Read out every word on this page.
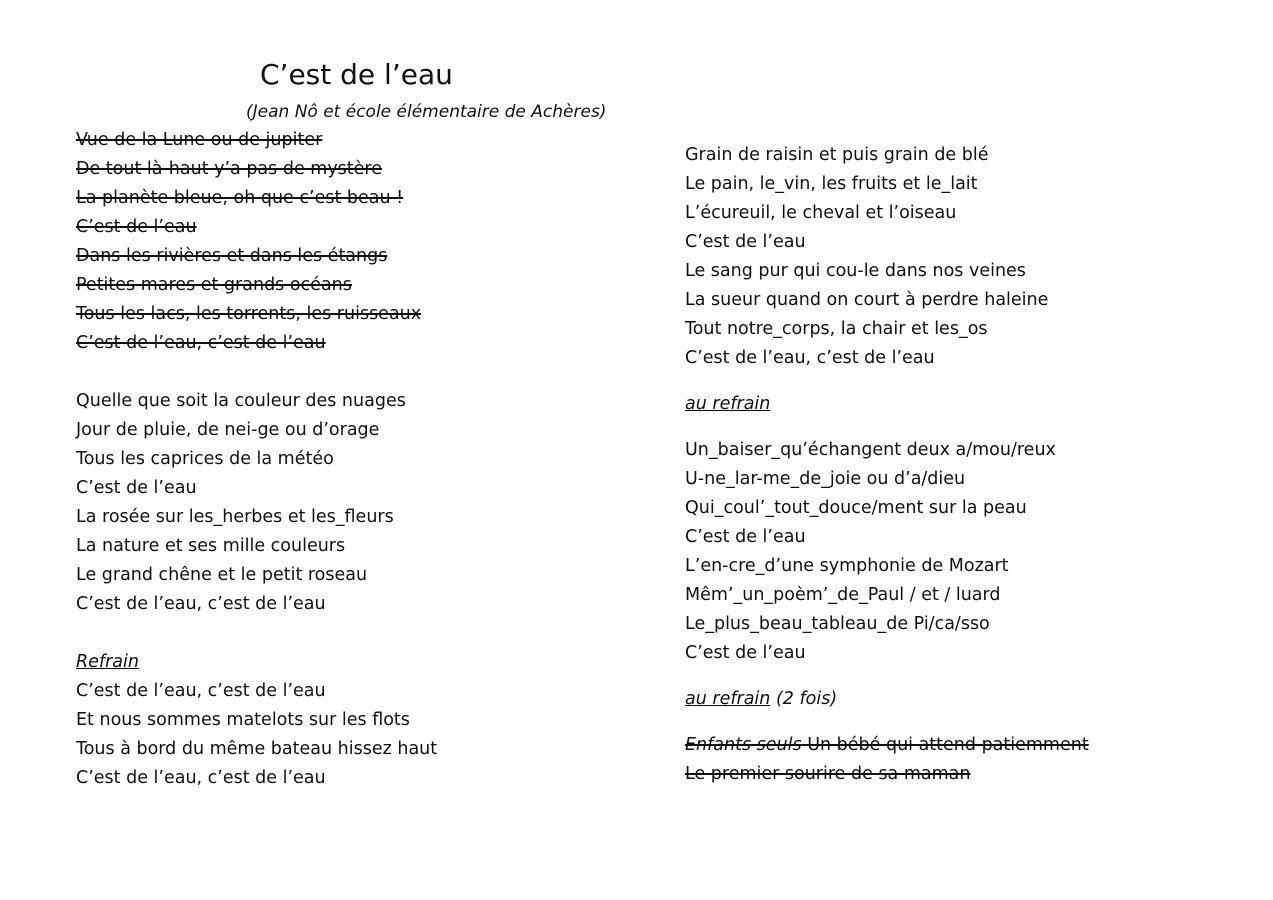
C’est de l’eau
(Jean Nô et école élémentaire de Achères)
Vue de la Lune ou de jupiter
De tout là-haut y’a pas de mystère
La planète bleue, oh que c’est beau !
C’est de l’eau
Dans les rivières et dans les étangs
Petites mares et grands océans
Tous les lacs, les torrents, les ruisseaux
C’est de l’eau, c’est de l’eau
Quelle que soit la couleur des nuages
Jour de pluie, de nei-ge ou d’orage
Tous les caprices de la météo
C’est de l’eau
La rosée sur les_herbes et les_fleurs
La nature et ses mille couleurs
Le grand chêne et le petit roseau
C’est de l’eau, c’est de l’eau
Refrain
C’est de l’eau, c’est de l’eau
Et nous sommes matelots sur les flots
Tous à bord du même bateau hissez haut
C’est de l’eau, c’est de l’eau
Grain de raisin et puis grain de blé
Le pain, le_vin, les fruits et le_lait
L’écureuil, le cheval et l’oiseau
C’est de l’eau
Le sang pur qui cou-le dans nos veines
La sueur quand on court à perdre haleine
Tout notre_corps, la chair et les_os
C’est de l’eau, c’est de l’eau
au refrain
Un_baiser_qu’échangent deux a/mou/reux
U-ne_lar-me_de_joie ou d’a/dieu
Qui_coul’_tout_douce/ment sur la peau
C’est de l’eau
L’en-cre_d’une symphonie de Mozart
Mêm’_un_poèm’_de_Paul / et / luard
Le_plus_beau_tableau_de Pi/ca/sso
C’est de l’eau
au refrain (2 fois)
Enfants seuls Un bébé qui attend patiemment
Le premier sourire de sa maman
